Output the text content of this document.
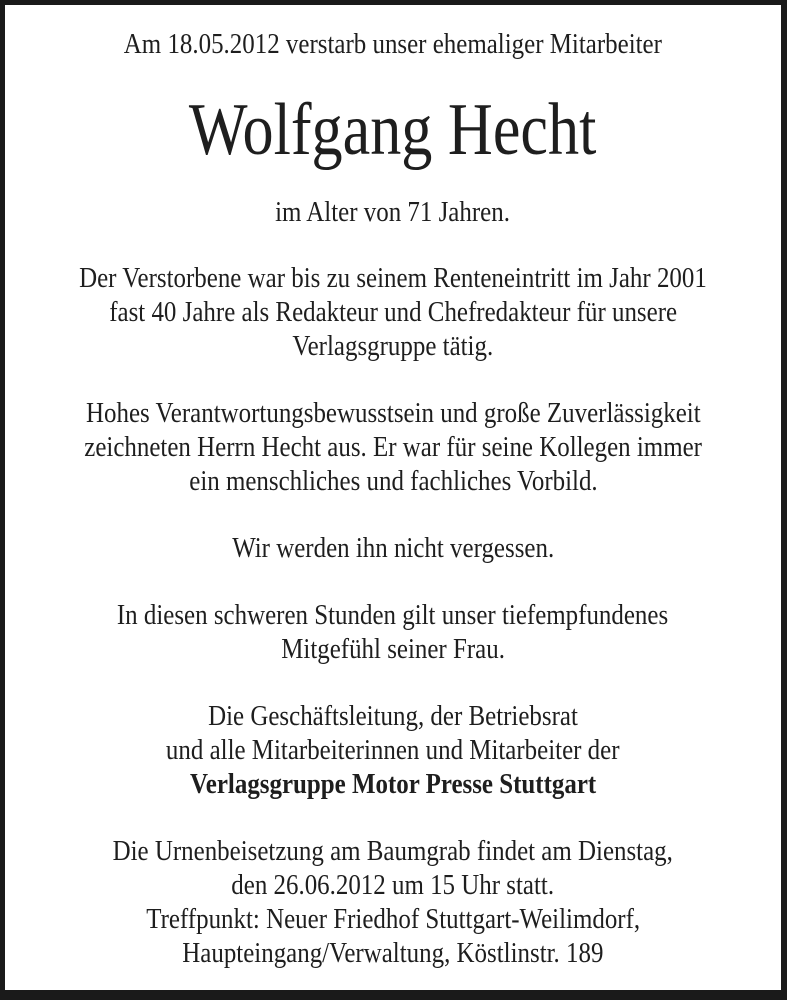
Am 18.05.2012 verstarb unser ehemaliger Mitarbeiter
Wolfgang Hecht
im Alter von 71 Jahren.
Der Verstorbene war bis zu seinem Renteneintritt im Jahr 2001
fast 40 Jahre als Redakteur und Chefredakteur für unsere
Verlagsgruppe tätig.
Hohes Verantwortungsbewusstsein und große Zuverlässigkeit
zeichneten Herrn Hecht aus. Er war für seine Kollegen immer
ein menschliches und fachliches Vorbild.
Wir werden ihn nicht vergessen.
In diesen schweren Stunden gilt unser tiefempfundenes
Mitgefühl seiner Frau.
Die Geschäftsleitung, der Betriebsrat
und alle Mitarbeiterinnen und Mitarbeiter der
Verlagsgruppe Motor Presse Stuttgart
Die Urnenbeisetzung am Baumgrab findet am Dienstag,
den 26.06.2012 um 15 Uhr statt.
Treffpunkt: Neuer Friedhof Stuttgart-Weilimdorf,
Haupteingang/Verwaltung, Köstlinstr. 189
